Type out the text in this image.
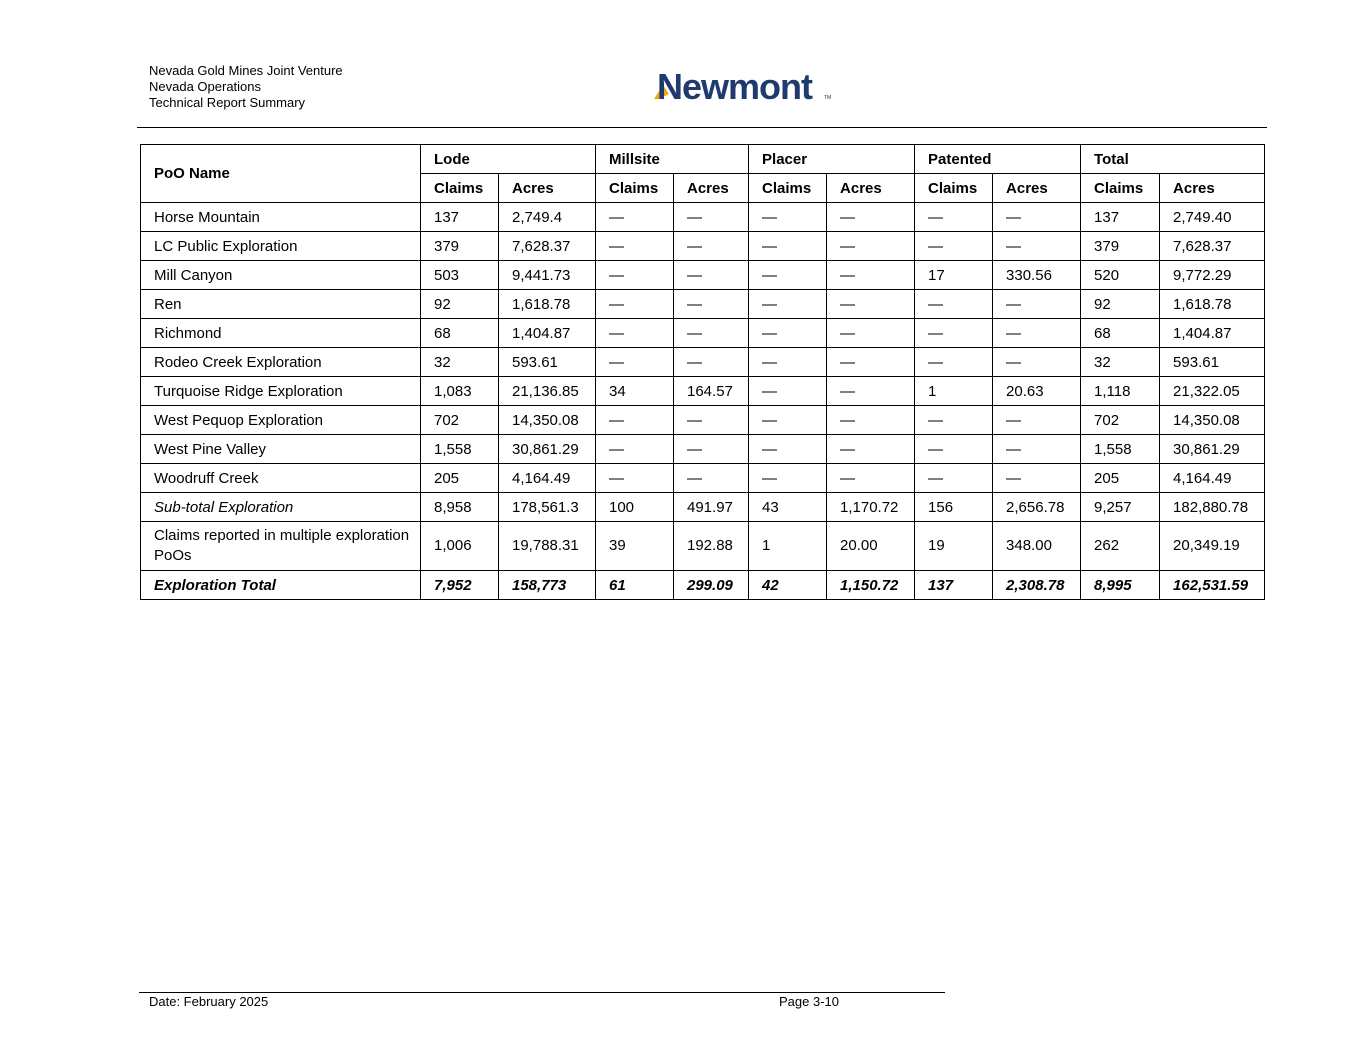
Nevada Gold Mines Joint Venture
Nevada Operations
Technical Report Summary	Newmont TM
PoO Name	Lode		Millsite		Placer		Patented		Total	
	Claims	Acres	Claims	Acres	Claims	Acres	Claims	Acres	Claims	Acres
Horse Mountain	137	2,749.4	—	—	—	—	—	—	137	2,749.40
LC Public Exploration	379	7,628.37	—	—	—	—	—	—	379	7,628.37
Mill Canyon	503	9,441.73	—	—	—	—	17	330.56	520	9,772.29
Ren	92	1,618.78	—	—	—	—	—	—	92	1,618.78
Richmond	68	1,404.87	—	—	—	—	—	—	68	1,404.87
Rodeo Creek Exploration	32	593.61	—	—	—	—	—	—	32	593.61
Turquoise Ridge Exploration	1,083	21,136.85	34	164.57	—	—	1	20.63	1,118	21,322.05
West Pequop Exploration	702	14,350.08	—	—	—	—	—	—	702	14,350.08
West Pine Valley	1,558	30,861.29	—	—	—	—	—	—	1,558	30,861.29
Woodruff Creek	205	4,164.49	—	—	—	—	—	—	205	4,164.49
Sub-total Exploration	8,958	178,561.3	100	491.97	43	1,170.72	156	2,656.78	9,257	182,880.78
Claims reported in multiple exploration PoOs	1,006	19,788.31	39	192.88	1	20.00	19	348.00	262	20,349.19
Exploration Total	7,952	158,773	61	299.09	42	1,150.72	137	2,308.78	8,995	162,531.59
Date: February 2025	Page 3-10
